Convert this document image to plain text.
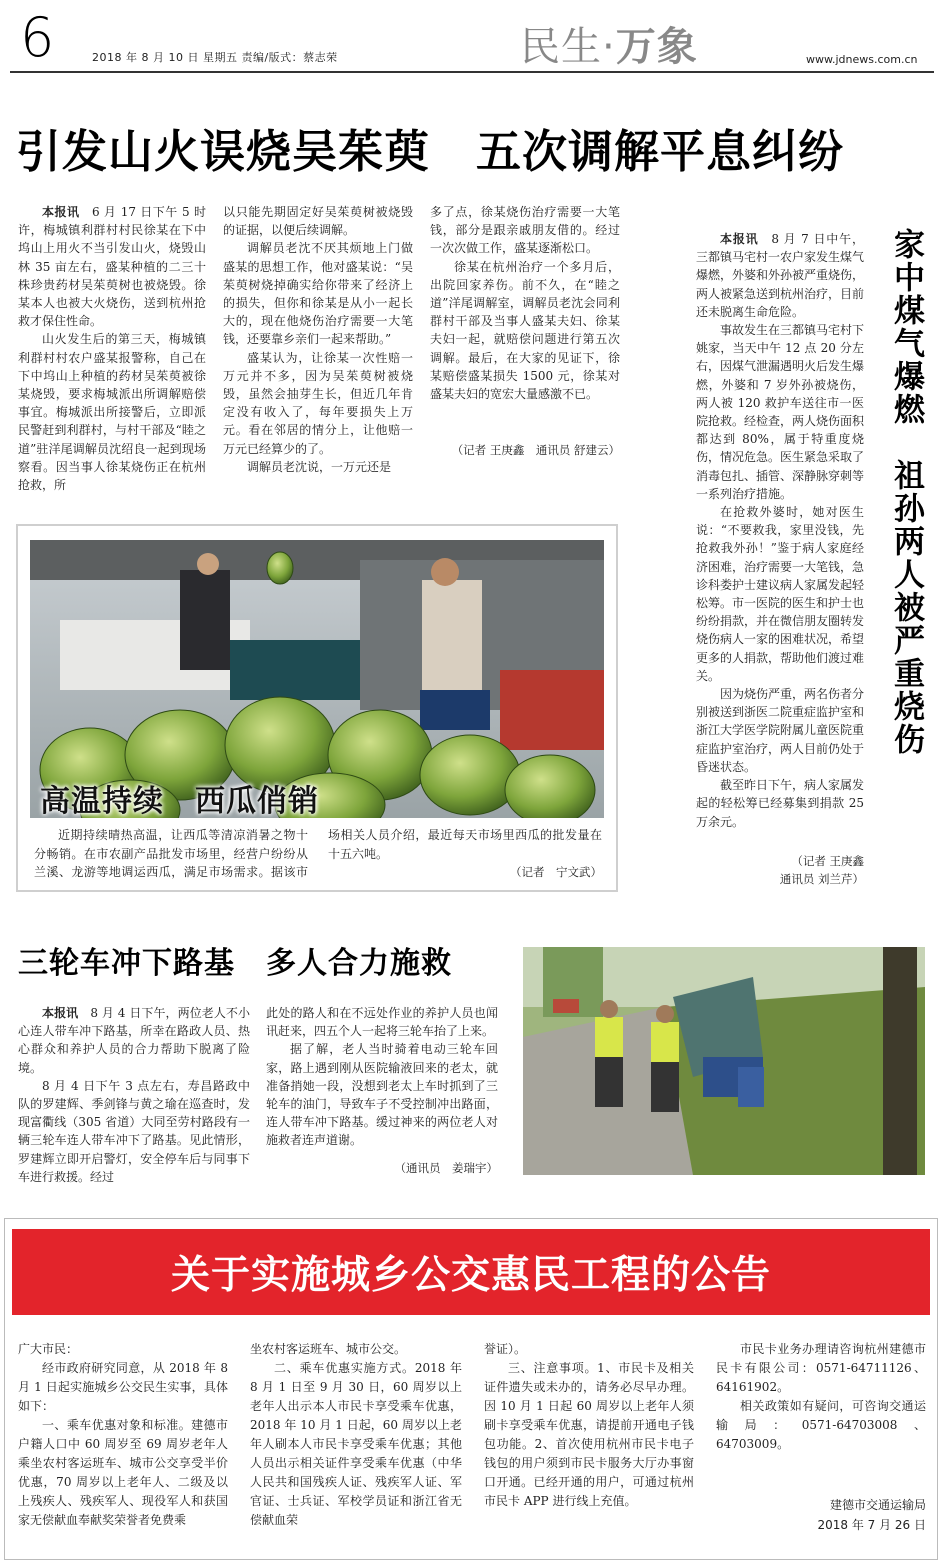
6	2018 年 8 月 10 日 星期五 责编/版式：蔡志荣	民生·万象	www.jdnews.com.cn
引发山火误烧吴茱萸　五次调解平息纠纷

本报讯　 6 月 17 日下午 5 时许，梅城镇利群村村民徐某在下中坞山上用火不当引发山火，烧毁山林 35 亩左右，盛某种植的二三十株珍贵药材吴茱萸树也被烧毁。徐某本人也被大火烧伤，送到杭州抢救才保住性命。

山火发生后的第三天，梅城镇利群村村农户盛某报警称，自己在下中坞山上种植的药材吴茱萸被徐某烧毁，要求梅城派出所调解赔偿事宜。梅城派出所接警后，立即派民警赶到利群村，与村干部及“睦之道”驻洋尾调解员沈绍良一起到现场察看。因当事人徐某烧伤正在杭州抢救，所

以只能先期固定好吴茱萸树被烧毁的证据，以便后续调解。

调解员老沈不厌其烦地上门做盛某的思想工作，他对盛某说：“吴茱萸树烧掉确实给你带来了经济上的损失，但你和徐某是从小一起长大的，现在他烧伤治疗需要一大笔钱，还要靠乡亲们一起来帮助。”

盛某认为，让徐某一次性赔一万元并不多，因为吴茱萸树被烧毁，虽然会抽芽生长，但近几年肯定没有收入了，每年要损失上万元。看在邻居的情分上，让他赔一万元已经算少的了。

调解员老沈说，一万元还是

多了点，徐某烧伤治疗需要一大笔钱，部分是跟亲戚朋友借的。经过一次次做工作，盛某逐渐松口。

徐某在杭州治疗一个多月后，出院回家养伤。前不久，在“睦之道”洋尾调解室，调解员老沈会同利群村干部及当事人盛某夫妇、徐某夫妇一起，就赔偿问题进行第五次调解。最后，在大家的见证下，徐某赔偿盛某损失 1500 元，徐某对盛某夫妇的宽宏大量感激不已。

（记者 王庚鑫　通讯员 舒建云）	家中煤气爆燃　祖孙两人被严重烧伤

本报讯　 8 月 7 日中午，三都镇马宅村一农户家发生煤气爆燃，外婆和外孙被严重烧伤，两人被紧急送到杭州治疗，目前还未脱离生命危险。

事故发生在三都镇马宅村下姚家，当天中午 12 点 20 分左右，因煤气泄漏遇明火后发生爆燃，外婆和 7 岁外孙被烧伤，两人被 120 救护车送往市一医院抢救。经检查，两人烧伤面积都达到 80%，属于特重度烧伤，情况危急。医生紧急采取了消毒包扎、插管、深静脉穿刺等一系列治疗措施。

在抢救外婆时，她对医生说：“不要救我，家里没钱，先抢救我外孙！”鉴于病人家庭经济困难，治疗需要一大笔钱，急诊科娄护士建议病人家属发起轻松筹。市一医院的医生和护士也纷纷捐款，并在微信朋友圈转发烧伤病人一家的困难状况，希望更多的人捐款，帮助他们渡过难关。

因为烧伤严重，两名伤者分别被送到浙医二院重症监护室和浙江大学医学院附属儿童医院重症监护室治疗，两人目前仍处于昏迷状态。

截至昨日下午，病人家属发起的轻松筹已经募集到捐款 25 万余元。

（记者 王庚鑫
通讯员 刘兰芹）
高温持续　西瓜俏销

近期持续晴热高温，让西瓜等清凉消暑之物十分畅销。在市农副产品批发市场里，经营户纷纷从兰溪、龙游等地调运西瓜，满足市场需求。据该市场相关人员介绍，最近每天市场里西瓜的批发量在十五六吨。

（记者　宁文武）
三轮车冲下路基　多人合力施救

本报讯　 8 月 4 日下午，两位老人不小心连人带车冲下路基，所幸在路政人员、热心群众和养护人员的合力帮助下脱离了险境。

8 月 4 日下午 3 点左右，寿昌路政中队的罗建辉、季剑锋与黄之瑜在巡查时，发现富衢线（305 省道）大同至劳村路段有一辆三轮车连人带车冲下了路基。见此情形，罗建辉立即开启警灯，安全停车后与同事下车进行救援。经过

此处的路人和在不远处作业的养护人员也闻讯赶来，四五个人一起将三轮车抬了上来。

据了解，老人当时骑着电动三轮车回家，路上遇到刚从医院输液回来的老太，就准备捎她一段，没想到老太上车时抓到了三轮车的油门，导致车子不受控制冲出路面，连人带车冲下路基。缓过神来的两位老人对施救者连声道谢。

（通讯员　姜瑞宇）
关于实施城乡公交惠民工程的公告

广大市民：

经市政府研究同意，从 2018 年 8 月 1 日起实施城乡公交民生实事，具体如下：

一、乘车优惠对象和标准。建德市户籍人口中 60 周岁至 69 周岁老年人乘坐农村客运班车、城市公交享受半价优惠，70 周岁以上老年人、二级及以上残疾人、残疾军人、现役军人和获国家无偿献血奉献奖荣誉者免费乘

坐农村客运班车、城市公交。

二、乘车优惠实施方式。2018 年 8 月 1 日至 9 月 30 日，60 周岁以上老年人出示本人市民卡享受乘车优惠，2018 年 10 月 1 日起，60 周岁以上老年人刷本人市民卡享受乘车优惠；其他人员出示相关证件享受乘车优惠（中华人民共和国残疾人证、残疾军人证、军官证、士兵证、军校学员证和浙江省无偿献血荣

誉证）。

三、注意事项。1、市民卡及相关证件遗失或未办的，请务必尽早办理。因 10 月 1 日起 60 周岁以上老年人须刷卡享受乘车优惠，请提前开通电子钱包功能。2、首次使用杭州市民卡电子钱包的用户须到市民卡服务大厅办事窗口开通。已经开通的用户，可通过杭州市民卡 APP 进行线上充值。

市民卡业务办理请咨询杭州建德市民卡有限公司：0571-64711126、64161902。

相关政策如有疑问，可咨询交通运输局：0571-64703008、64703009。

建德市交通运输局
2018 年 7 月 26 日
